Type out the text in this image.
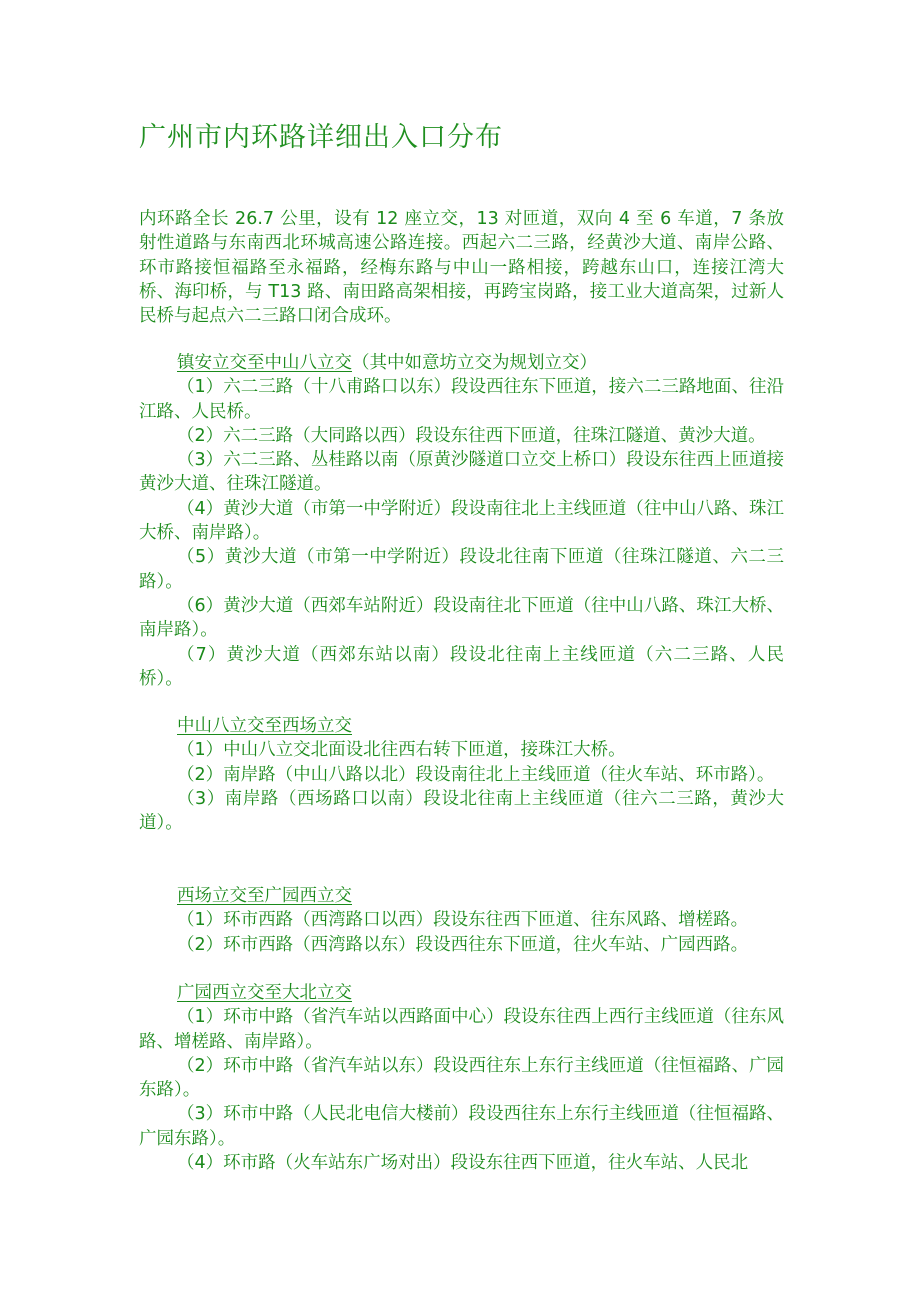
广州市内环路详细出入口分布

内环路全长 26.7 公里，设有 12 座立交，13 对匝道，双向 4 至 6 车道，7 条放射性道路与东南西北环城高速公路连接。西起六二三路，经黄沙大道、南岸公路、环市路接恒福路至永福路，经梅东路与中山一路相接，跨越东山口，连接江湾大桥、海印桥，与 T13 路、南田路高架相接，再跨宝岗路，接工业大道高架，过新人民桥与起点六二三路口闭合成环。

镇安立交至中山八立交（其中如意坊立交为规划立交）

（1）六二三路（十八甫路口以东）段设西往东下匝道，接六二三路地面、往沿江路、人民桥。

（2）六二三路（大同路以西）段设东往西下匝道，往珠江隧道、黄沙大道。

（3）六二三路、丛桂路以南（原黄沙隧道口立交上桥口）段设东往西上匝道接黄沙大道、往珠江隧道。

（4）黄沙大道（市第一中学附近）段设南往北上主线匝道（往中山八路、珠江大桥、南岸路）。

（5）黄沙大道（市第一中学附近）段设北往南下匝道（往珠江隧道、六二三路）。

（6）黄沙大道（西郊车站附近）段设南往北下匝道（往中山八路、珠江大桥、南岸路）。

（7）黄沙大道（西郊东站以南）段设北往南上主线匝道（六二三路、人民桥）。

中山八立交至西场立交

（1）中山八立交北面设北往西右转下匝道，接珠江大桥。

（2）南岸路（中山八路以北）段设南往北上主线匝道（往火车站、环市路）。

（3）南岸路（西场路口以南）段设北往南上主线匝道（往六二三路，黄沙大道）。

西场立交至广园西立交

（1）环市西路（西湾路口以西）段设东往西下匝道、往东风路、增槎路。

（2）环市西路（西湾路以东）段设西往东下匝道，往火车站、广园西路。

广园西立交至大北立交

（1）环市中路（省汽车站以西路面中心）段设东往西上西行主线匝道（往东风路、增槎路、南岸路）。

（2）环市中路（省汽车站以东）段设西往东上东行主线匝道（往恒福路、广园东路）。

（3）环市中路（人民北电信大楼前）段设西往东上东行主线匝道（往恒福路、广园东路）。

（4）环市路（火车站东广场对出）段设东往西下匝道，往火车站、人民北
